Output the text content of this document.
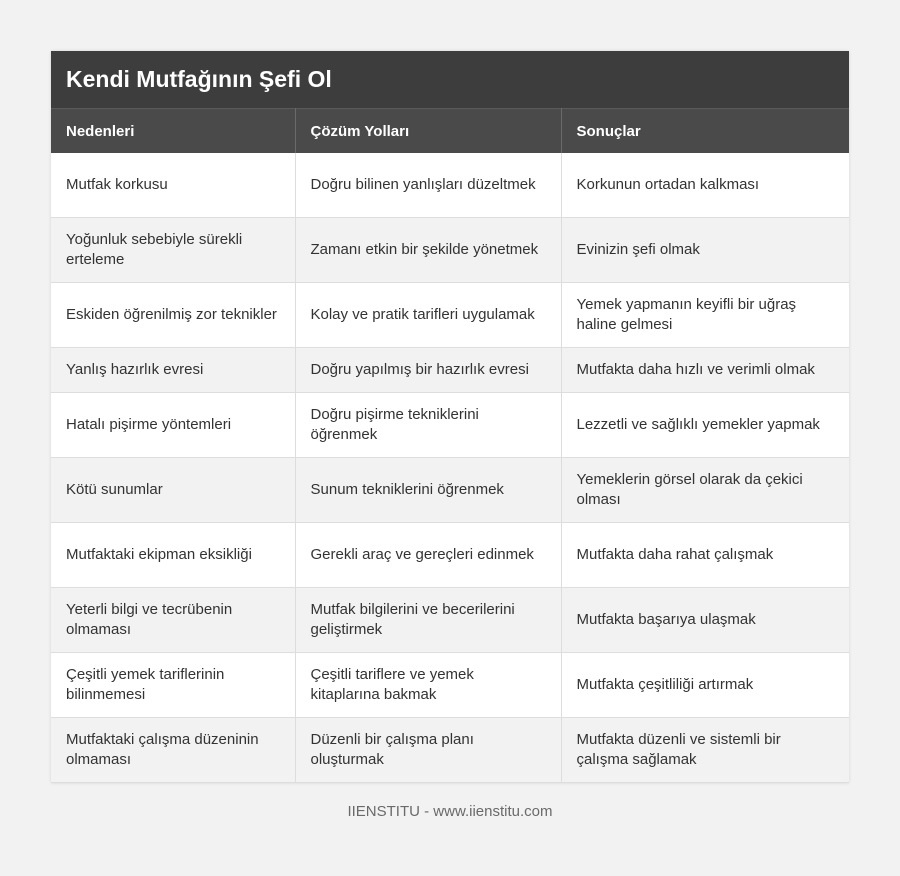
Kendi Mutfağının Şefi Ol
Nedenleri	Çözüm Yolları	Sonuçlar
Mutfak korkusu	Doğru bilinen yanlışları düzeltmek	Korkunun ortadan kalkması
Yoğunluk sebebiyle sürekli erteleme	Zamanı etkin bir şekilde yönetmek	Evinizin şefi olmak
Eskiden öğrenilmiş zor teknikler	Kolay ve pratik tarifleri uygulamak	Yemek yapmanın keyifli bir uğraş haline gelmesi
Yanlış hazırlık evresi	Doğru yapılmış bir hazırlık evresi	Mutfakta daha hızlı ve verimli olmak
Hatalı pişirme yöntemleri	Doğru pişirme tekniklerini öğrenmek	Lezzetli ve sağlıklı yemekler yapmak
Kötü sunumlar	Sunum tekniklerini öğrenmek	Yemeklerin görsel olarak da çekici olması
Mutfaktaki ekipman eksikliği	Gerekli araç ve gereçleri edinmek	Mutfakta daha rahat çalışmak
Yeterli bilgi ve tecrübenin olmaması	Mutfak bilgilerini ve becerilerini geliştirmek	Mutfakta başarıya ulaşmak
Çeşitli yemek tariflerinin bilinmemesi	Çeşitli tariflere ve yemek kitaplarına bakmak	Mutfakta çeşitliliği artırmak
Mutfaktaki çalışma düzeninin olmaması	Düzenli bir çalışma planı oluşturmak	Mutfakta düzenli ve sistemli bir çalışma sağlamak
IIENSTITU - www.iienstitu.com
